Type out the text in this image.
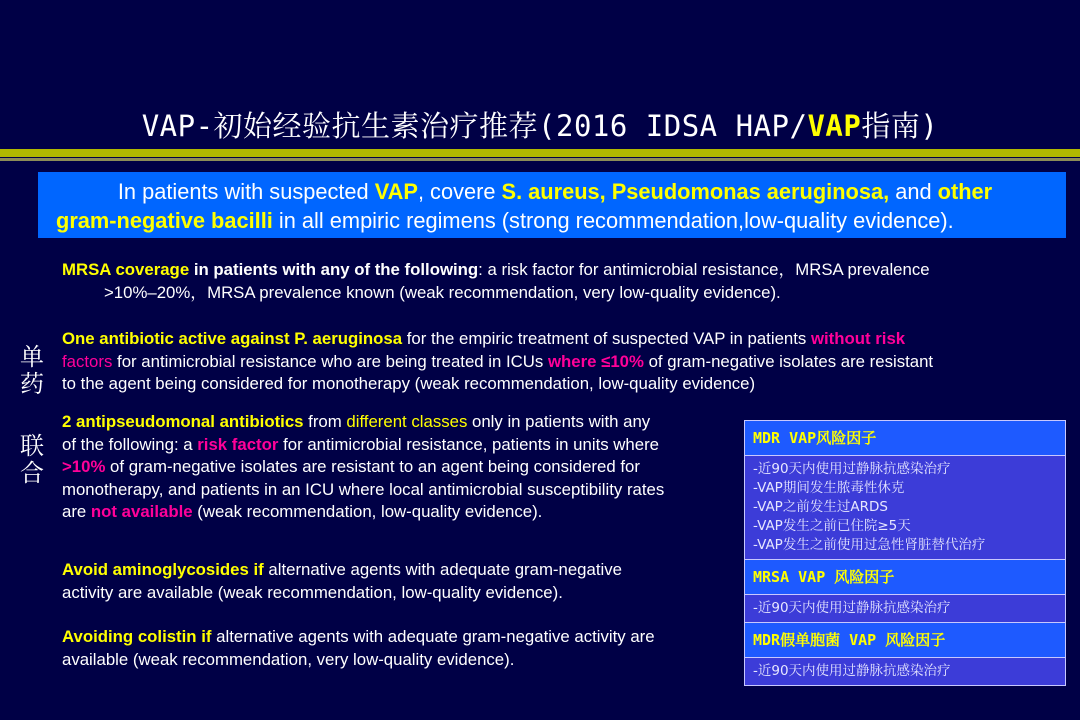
VAP-初始经验抗生素治疗推荐(2016 IDSA HAP/VAP指南)
In patients with suspected VAP, covere S. aureus, Pseudomonas aeruginosa, and other
gram-negative bacilli in all empiric regimens (strong recommendation,low-quality evidence).
MRSA coverage in patients with any of the following: a risk factor for antimicrobial resistance，MRSA prevalence
>10%–20%，MRSA prevalence known (weak recommendation, very low-quality evidence).
One antibiotic active against P. aeruginosa for the empiric treatment of suspected VAP in patients without risk
factors for antimicrobial resistance who are being treated in ICUs where ≤10% of gram-negative isolates are resistant
to the agent being considered for monotherapy (weak recommendation, low-quality evidence)
单
药
2 antipseudomonal antibiotics from different classes only in patients with any
of the following: a risk factor for antimicrobial resistance, patients in units where
>10% of gram-negative isolates are resistant to an agent being considered for
monotherapy, and patients in an ICU where local antimicrobial susceptibility rates
are not available (weak recommendation, low-quality evidence).
联
合
Avoid aminoglycosides if alternative agents with adequate gram-negative
activity are available (weak recommendation, low-quality evidence).
Avoiding colistin if alternative agents with adequate gram-negative activity are
available (weak recommendation, very low-quality evidence).
MDR VAP风险因子
-近90天内使用过静脉抗感染治疗
-VAP期间发生脓毒性休克
-VAP之前发生过ARDS
-VAP发生之前已住院≥5天
-VAP发生之前使用过急性肾脏替代治疗
MRSA VAP 风险因子
-近90天内使用过静脉抗感染治疗
MDR假单胞菌 VAP 风险因子
-近90天内使用过静脉抗感染治疗
